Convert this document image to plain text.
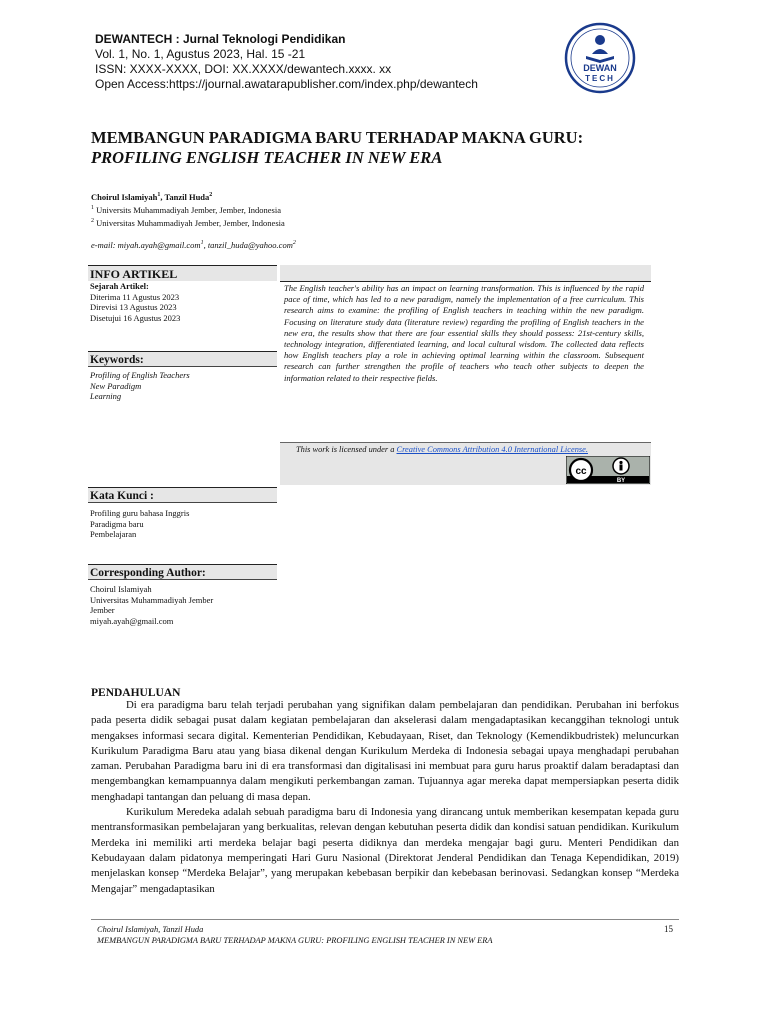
DEWANTECH : Jurnal Teknologi Pendidikan
Vol. 1, No. 1, Agustus 2023, Hal. 15 -21
ISSN: XXXX-XXXX, DOI: XX.XXXX/dewantech.xxxx. xx
Open Access:https://journal.awatarapublisher.com/index.php/dewantech
DEWAN
TECH
MEMBANGUN PARADIGMA BARU TERHADAP MAKNA GURU:
PROFILING ENGLISH TEACHER IN NEW ERA
Choirul Islamiyah$^1$, Tanzil Huda$^2$
$^1$ Universits Muhammadiyah Jember, Jember, Indonesia
$^2$ Universitas Muhammadiyah Jember, Jember, Indonesia
e-mail: miyah.ayah@gmail.com$^1$, tanzil_huda@yahoo.com$^2$
INFO ARTIKEL
Sejarah Artikel:
Diterima 11 Agustus 2023
Direvisi 13 Agustus 2023
Disetujui 16 Agustus 2023
Keywords:
Profiling of English Teachers
New Paradigm
Learning
Kata Kunci :
Profiling guru bahasa Inggris
Paradigma baru
Pembelajaran
Corresponding Author:
Choirul Islamiyah
Universitas Muhammadiyah Jember
Jember
miyah.ayah@gmail.com
The English teacher's ability has an impact on learning transformation. This is influenced by the rapid pace of time, which has led to a new paradigm, namely the implementation of a free curriculum. This research aims to examine: the profiling of English teachers in teaching within the new paradigm. Focusing on literature study data (literature review) regarding the profiling of English teachers in the new era, the results show that there are four essential skills they should possess: 21st-century skills, technology integration, differentiated learning, and local cultural wisdom. The collected data reflects how English teachers play a role in achieving optimal learning within the classroom. Subsequent research can further strengthen the profile of teachers who teach other subjects to deepen the information related to their respective fields.
This work is licensed under a Creative Commons Attribution 4.0 International License.
cc
BY
PENDAHULUAN

Di era paradigma baru telah terjadi perubahan yang signifikan dalam pembelajaran dan pendidikan. Perubahan ini berfokus pada peserta didik sebagai pusat dalam kegiatan pembelajaran dan akselerasi dalam mengadaptasikan kecanggihan teknologi untuk mengakses informasi secara digital. Kementerian Pendidikan, Kebudayaan, Riset, dan Teknology (Kemendikbudristek) meluncurkan Kurikulum Paradigma Baru atau yang biasa dikenal dengan Kurikulum Merdeka di Indonesia sebagai upaya menghadapi perubahan zaman. Perubahan Paradigma baru ini di era transformasi dan digitalisasi ini membuat para guru harus proaktif dalam beradaptasi dan mengembangkan kemampuannya dalam mengikuti perkembangan zaman. Tujuannya agar mereka dapat mempersiapkan peserta didik menghadapi tantangan dan peluang di masa depan.

Kurikulum Meredeka adalah sebuah paradigma baru di Indonesia yang dirancang untuk memberikan kesempatan kepada guru mentransformasikan pembelajaran yang berkualitas, relevan dengan kebutuhan peserta didik dan kondisi satuan pendidikan. Kurikulum Merdeka ini memiliki arti merdeka belajar bagi peserta didiknya dan merdeka mengajar bagi guru. Menteri Pendidikan dan Kebudayaan dalam pidatonya memperingati Hari Guru Nasional (Direktorat Jenderal Pendidikan dan Tenaga Kependidikan, 2019) menjelaskan konsep “Merdeka Belajar”, yang merupakan kebebasan berpikir dan kebebasan berinovasi. Sedangkan konsep “Merdeka Mengajar” mengadaptasikan

Choirul Islamiyah, Tanzil Huda
MEMBANGUN PARADIGMA BARU TERHADAP MAKNA GURU: PROFILING ENGLISH TEACHER IN NEW ERA
15
